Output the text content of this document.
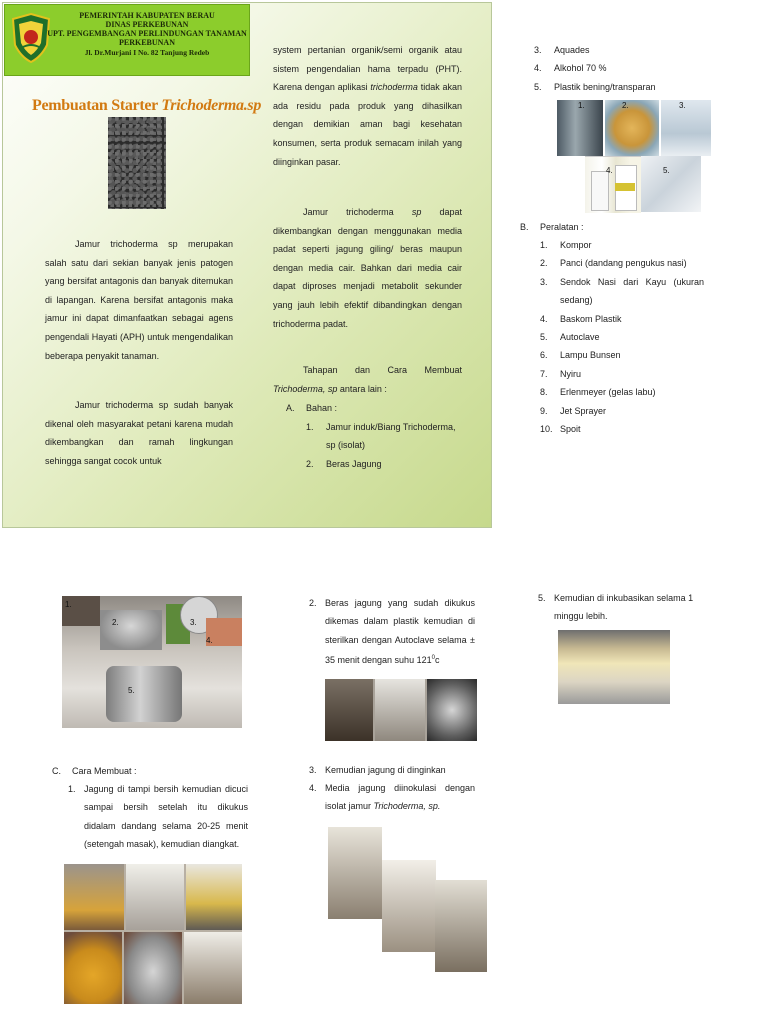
PEMERINTAH KABUPATEN BERAU
DINAS PERKEBUNAN
UPT. PENGEMBANGAN PERLINDUNGAN TANAMAN
PERKEBUNAN
Jl. Dr.Murjani I No. 82 Tanjung Redeb
Pembuatan Starter Trichoderma.sp
Jamur trichoderma sp merupakan salah satu dari sekian banyak jenis patogen yang bersifat antagonis dan banyak ditemukan di lapangan. Karena bersifat antagonis maka jamur ini dapat dimanfaatkan sebagai agens pengendali Hayati (APH) untuk mengendalikan beberapa penyakit tanaman.
Jamur trichoderma sp sudah banyak dikenal oleh masyarakat petani karena mudah dikembangkan dan ramah lingkungan sehingga sangat cocok untuk
system pertanian organik/semi organik atau sistem pengendalian hama terpadu (PHT). Karena dengan aplikasi trichoderma tidak akan ada residu pada produk yang dihasilkan dengan demikian aman bagi kesehatan konsumen, serta produk semacam inilah yang diinginkan pasar.
Jamur trichoderma sp dapat dikembangkan dengan menggunakan media padat seperti jagung giling/ beras maupun dengan media cair. Bahkan dari media cair dapat diproses menjadi metabolit sekunder yang jauh lebih efektif dibandingkan dengan trichoderma padat.
Tahapan dan Cara Membuat Trichoderma, sp antara lain :
A.	Bahan :
1.	Jamur induk/Biang Trichoderma, sp (isolat)
2.	Beras Jagung
3.	Aquades
4.	Alkohol 70 %
5.	Plastik bening/transparan
1.	2.	3.
4.	5.
B.	Peralatan :
1.	Kompor
2.	Panci (dandang pengukus nasi)
3.	Sendok Nasi dari Kayu (ukuran sedang)
4.	Baskom Plastik
5.	Autoclave
6.	Lampu Bunsen
7.	Nyiru
8.	Erlenmeyer (gelas labu)
9.	Jet Sprayer
10. Spoit
1.
2.	3.
4.
5.
C.	Cara Membuat :
1. Jagung di tampi bersih kemudian dicuci sampai bersih setelah itu dikukus didalam dandang selama 20-25 menit (setengah masak), kemudian diangkat.
2. Beras jagung yang sudah dikukus dikemas dalam plastik kemudian di sterilkan dengan Autoclave selama ± 35 menit dengan suhu $121^0c$
3. Kemudian jagung di dinginkan
4. Media jagung diinokulasi dengan isolat jamur Trichoderma, sp.
5. Kemudian di inkubasikan selama 1 minggu lebih.
